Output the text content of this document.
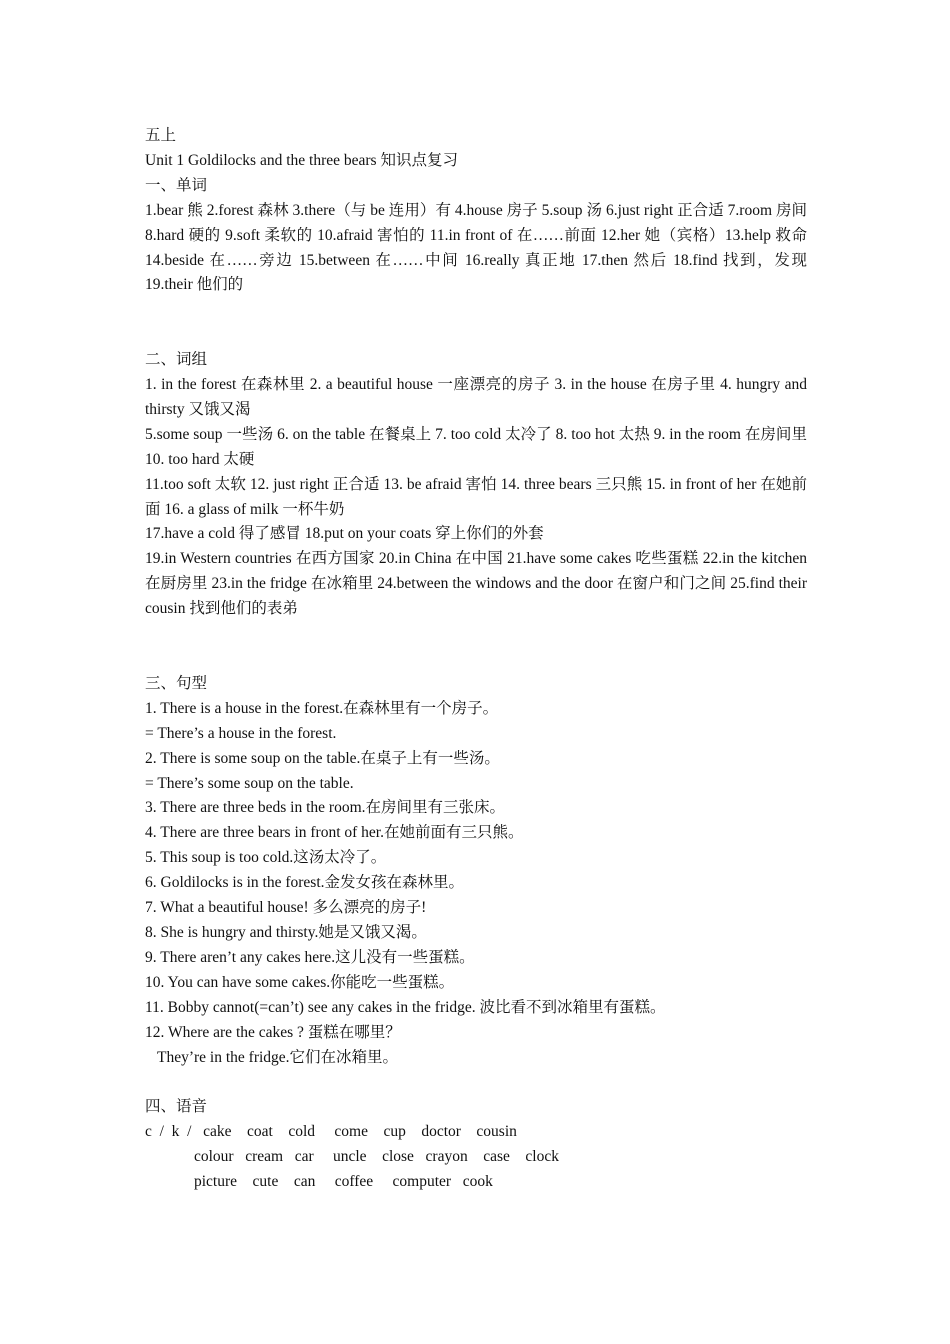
五上
Unit 1 Goldilocks and the three bears 知识点复习
一、单词
1.bear 熊 2.forest 森林 3.there（与 be 连用）有 4.house 房子 5.soup 汤 6.just right 正合适 7.room 房间 8.hard 硬的 9.soft 柔软的 10.afraid 害怕的 11.in front of 在……前面 12.her 她（宾格）13.help 救命 14.beside 在……旁边 15.between 在……中间 16.really 真正地 17.then 然后 18.find 找到，发现 19.their 他们的
二、词组
1. in the forest 在森林里 2. a beautiful house 一座漂亮的房子 3. in the house 在房子里 4. hungry and thirsty 又饿又渴
5.some soup 一些汤 6. on the table 在餐桌上 7. too cold 太冷了 8. too hot 太热 9. in the room 在房间里 10. too hard 太硬
11.too soft 太软 12. just right 正合适 13. be afraid 害怕 14. three bears 三只熊 15. in front of her 在她前面 16. a glass of milk 一杯牛奶
17.have a cold 得了感冒 18.put on your coats 穿上你们的外套
19.in Western countries 在西方国家 20.in China 在中国 21.have some cakes 吃些蛋糕 22.in the kitchen 在厨房里 23.in the fridge 在冰箱里 24.between the windows and the door 在窗户和门之间 25.find their cousin 找到他们的表弟
三、句型
1. There is a house in the forest.在森林里有一个房子。
= There’s a house in the forest.
2. There is some soup on the table.在桌子上有一些汤。
= There’s some soup on the table.
3. There are three beds in the room.在房间里有三张床。
4. There are three bears in front of her.在她前面有三只熊。
5. This soup is too cold.这汤太冷了。
6. Goldilocks is in the forest.金发女孩在森林里。
7. What a beautiful house! 多么漂亮的房子!
8. She is hungry and thirsty.她是又饿又渴。
9. There aren’t any cakes here.这儿没有一些蛋糕。
10. You can have some cakes.你能吃一些蛋糕。
11. Bobby cannot(=can’t) see any cakes in the fridge. 波比看不到冰箱里有蛋糕。
12. Where are the cakes ? 蛋糕在哪里？
They’re in the fridge.它们在冰箱里。
四、语音
c  /  k  /   cake    coat    cold     come    cup    doctor    cousin
colour   cream   car     uncle    close   crayon    case    clock
picture    cute    can     coffee     computer   cook
